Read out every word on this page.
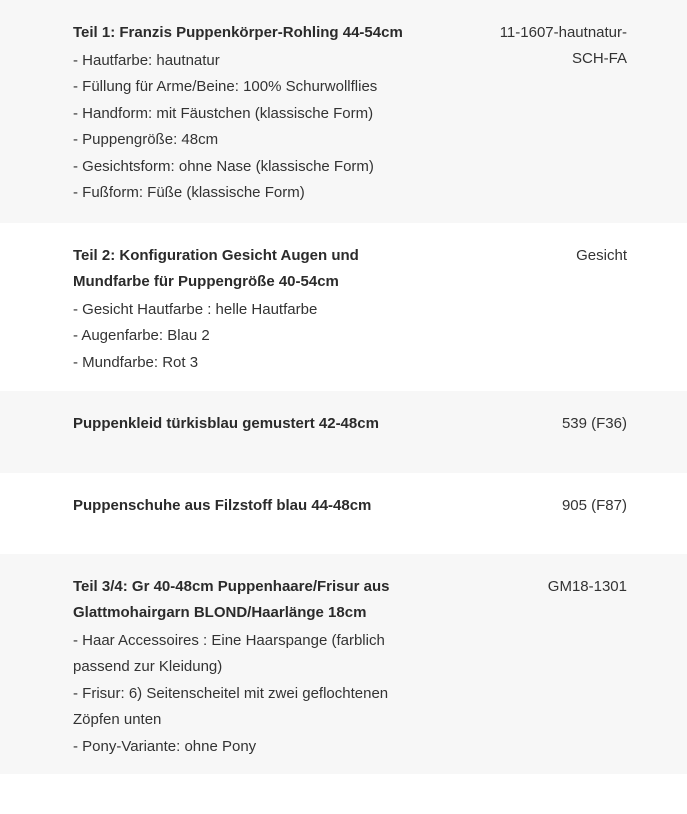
Teil 1: Franzis Puppenkörper-Rohling 44-54cm
- Hautfarbe: hautnatur
- Füllung für Arme/Beine: 100% Schurwollflies
- Handform: mit Fäustchen (klassische Form)
- Puppengröße: 48cm
- Gesichtsform: ohne Nase (klassische Form)
- Fußform: Füße (klassische Form)
11-1607-hautnatur-SCH-FA
Teil 2: Konfiguration Gesicht Augen und Mundfarbe für Puppengröße 40-54cm
- Gesicht Hautfarbe : helle Hautfarbe
- Augenfarbe: Blau 2
- Mundfarbe: Rot 3
Gesicht
Puppenkleid türkisblau gemustert 42-48cm	539 (F36)
Puppenschuhe aus Filzstoff blau 44-48cm	905 (F87)
Teil 3/4: Gr 40-48cm Puppenhaare/Frisur aus Glattmohairgarn BLOND/Haarlänge 18cm
- Haar Accessoires : Eine Haarspange (farblich passend zur Kleidung)
- Frisur: 6) Seitenscheitel mit zwei geflochtenen Zöpfen unten
- Pony-Variante: ohne Pony
GM18-1301
